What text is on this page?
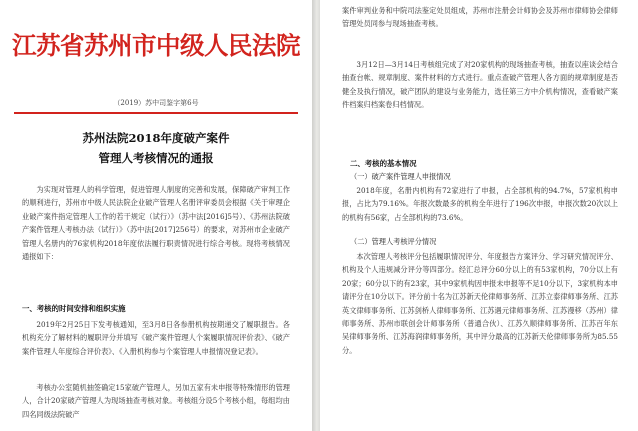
江苏省苏州市中级人民法院
（2019）苏中司鉴字第6号
苏州法院2018年度破产案件
管理人考核情况的通报

为实现对管理人的科学管理，促进管理人制度的完善和发展，保障破产审判工作的顺利进行，苏州市中级人民法院企业破产管理人名册评审委员会根据《关于审理企业破产案件指定管理人工作的若干规定（试行）》（苏中法[2016]5号）、《苏州法院破产案件管理人考核办法（试行）》（苏中法[2017]256号）的要求，对苏州市企业破产管理人名册内的76家机构2018年度依法履行职责情况进行综合考核。现将考核情况通报如下：

一、考核的时间安排和组织实施

2019年2月25日下发考核通知，至3月8日各参册机构按期递交了履职报告。各机构充分了解材料的履职评分并填写《破产案件管理人个案履职情况评价表》、《破产案件管理人年度综合评价表》、《入册机构参与个案管理人申报情况登记表》。

考核办公室随机抽签确定15家破产管理人，另加五家有未申报等特殊情形的管理人，合计20家破产管理人为现场抽查考核对象。考核组分设5个考核小组，每组均由四名同级法院破产

案件审判业务和中院司法鉴定处员组成，苏州市注册会计师协会及苏州市律师协会律师管理处员同参与现场抽查考核。

3月12日—3月14日考核组完成了对20家机构的现场抽查考核，抽查以座谈会结合抽查台帐、规章制度、案件材料的方式进行。重点查破产管理人各方面的规章制度是否健全及执行情况，破产团队的建设与业务能力，选任第三方中介机构情况，查看破产案件档案归档案卷归档情况。

二、考核的基本情况
（一）破产案件管理人申报情况

2018年度，名册内机构有72家进行了申报，占全部机构的94.7%，57家机构申报，占比为79.16%。年报次数最多的机构全年进行了196次申报，申报次数20次以上的机构有56家，占全部机构的73.6%。

（二）管理人考核评分情况

本次管理人考核评分包括履职情况评分、年度报告方案评分、学习研究情况评分、机构及个人违规减分评分等四部分。经汇总评分60分以上的有53家机构，70分以上有20家；60分以下的有23家，其中9家机构因申报未申报等不足10分以下，3家机构本申请评分在10分以下。评分前十名为江苏新天伦律师事务所、江苏立泰律师事务所、江苏英文律师事务所、江苏剑桥人律师事务所、江苏遇元律师事务所、江苏漫移（苏州）律师事务所、苏州市联创会计师事务所（普通合伙）、江苏久顺律师事务所、江苏百年东吴律师事务所、江苏海润律师事务所，其中评分最高的江苏新天伦律师事务所为85.55分。
